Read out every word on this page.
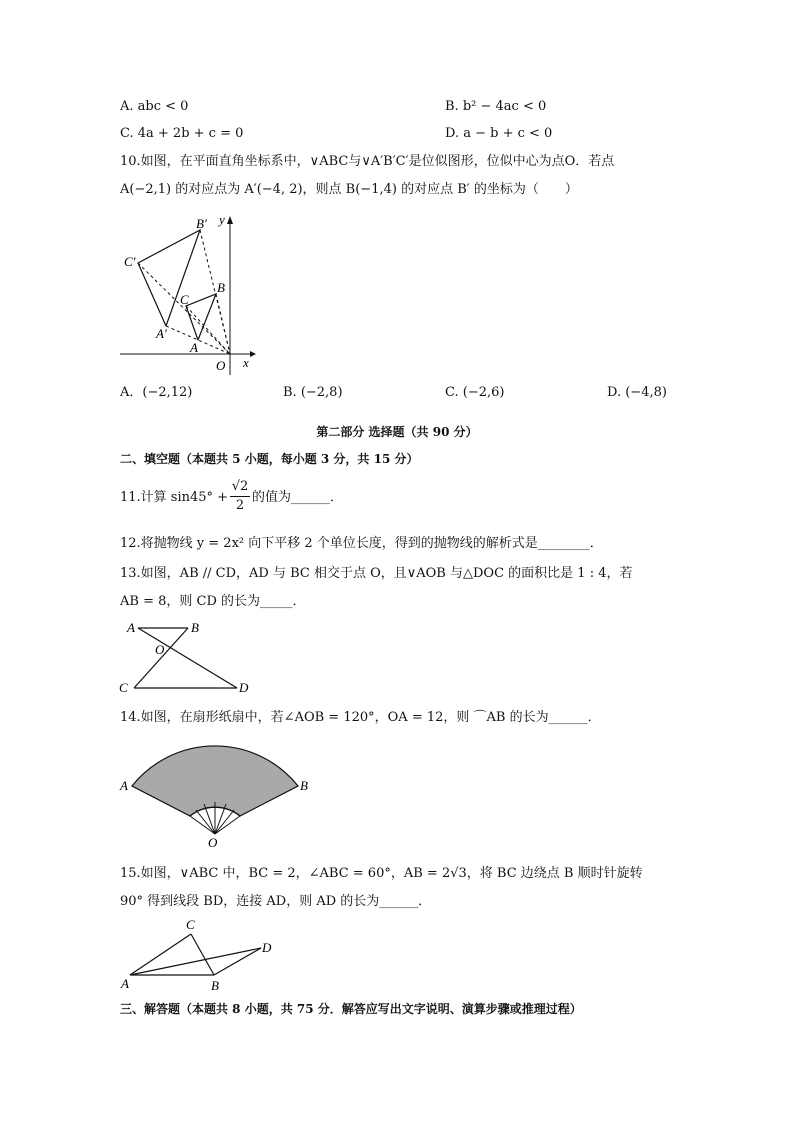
A. abc < 0	B. b² − 4ac < 0
C. 4a + 2b + c = 0	D. a − b + c < 0
10.如图，在平面直角坐标系中，∨ABC与∨A′B′C′是位似图形，位似中心为点O．若点
A(−2,1) 的对应点为 A′(−4, 2)，则点 B(−1,4) 的对应点 B′ 的坐标为（　　）
B′
C′
C
B
A′
A
O x
y
A．(−2,12)	B. (−2,8)	C. (−2,6)	D. (−4,8)
第二部分 选择题（共 90 分）
二、填空题（本题共 5 小题，每小题 3 分，共 15 分）
11.计算 $\sin 45^\circ + \frac{√2}{2}$ 的值为______．
12.将抛物线 y = 2x² 向下平移 2 个单位长度，得到的抛物线的解析式是________．
13.如图，AB // CD，AD 与 BC 相交于点 O，且∨AOB 与△DOC 的面积比是 1 : 4，若
AB = 8，则 CD 的长为_____．
A	B
O
C	D
14.如图，在扇形纸扇中，若∠AOB = 120°，OA = 12，则 ⌒AB 的长为______．
A	B
O
15.如图，∨ABC 中，BC = 2，∠ABC = 60°，AB = 2√3，将 BC 边绕点 B 顺时针旋转
90° 得到线段 BD，连接 AD，则 AD 的长为______．
C
D
A	B
三、解答题（本题共 8 小题，共 75 分．解答应写出文字说明、演算步骤或推理过程）
